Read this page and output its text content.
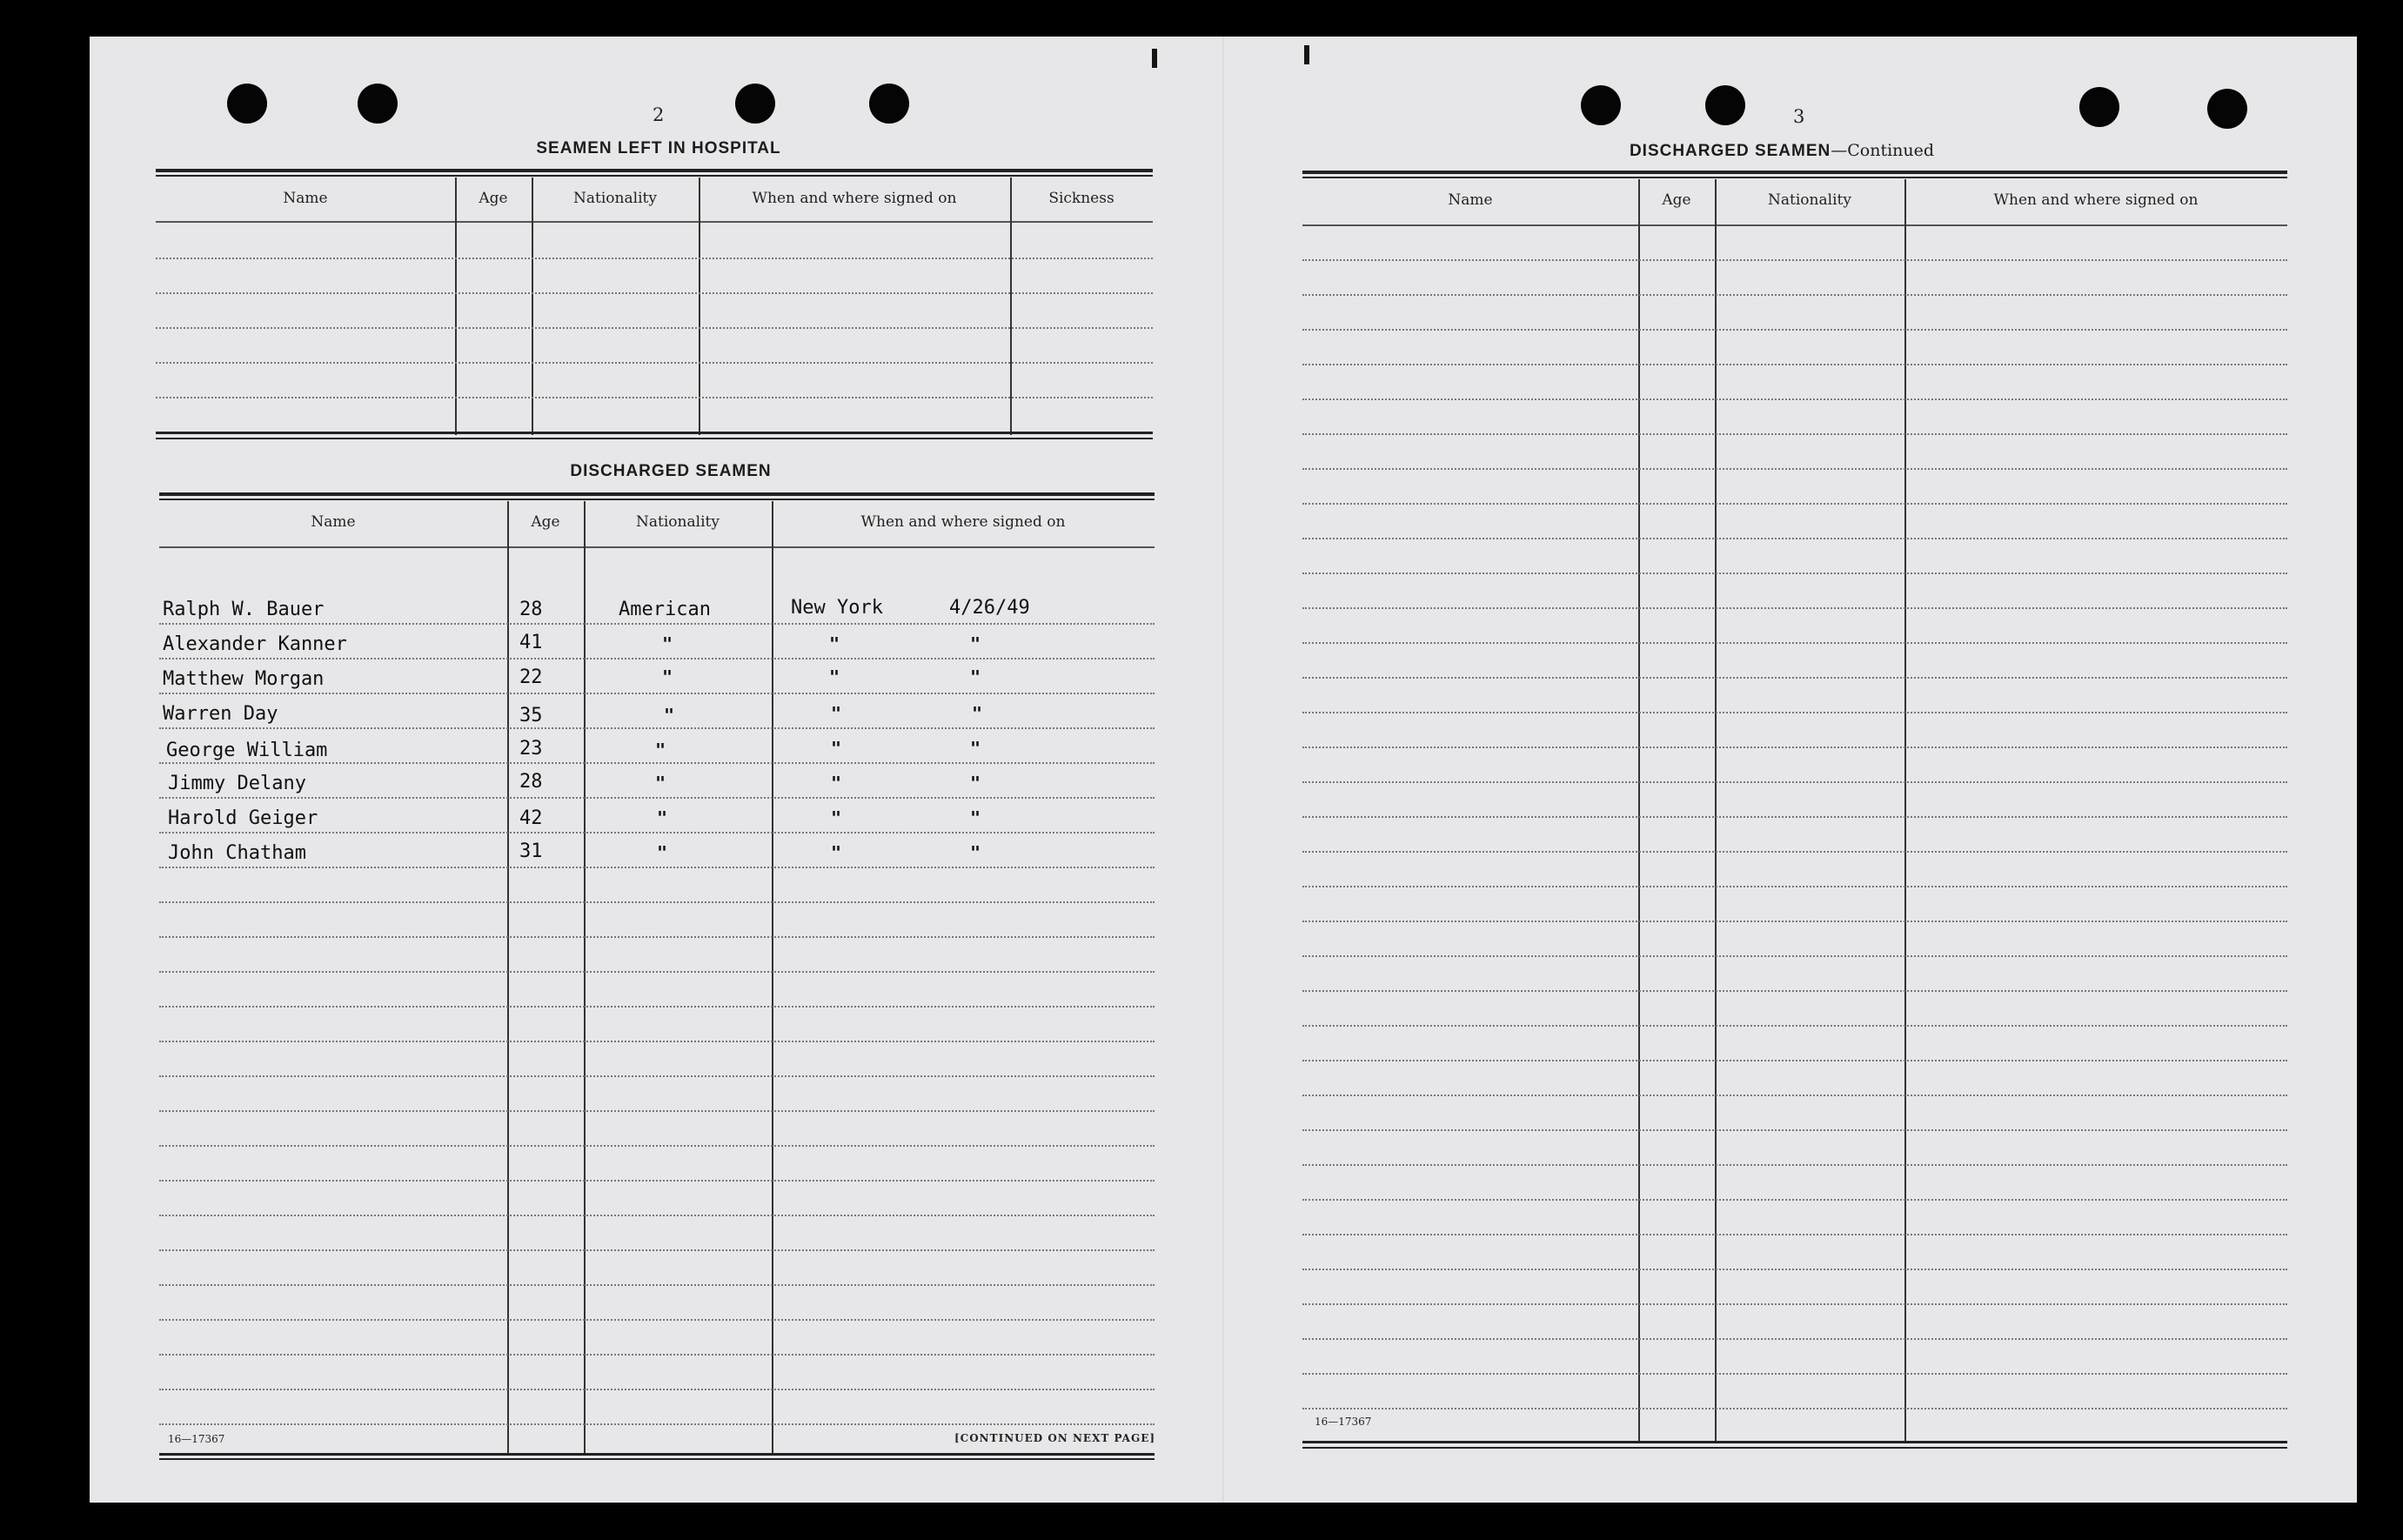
2
SEAMEN LEFT IN HOSPITAL
Name	Age	Nationality	When and where signed on	Sickness
DISCHARGED SEAMEN
Name	Age	Nationality	When and where signed on
Ralph W. Bauer	28	American	New York	4/26/49
Alexander Kanner	41	"	"	"
Matthew Morgan	22	"	"	"
Warren Day	35	"	"	"
George William	23	"	"	"
Jimmy Delany	28	"	"	"
Harold Geiger	42	"	"	"
John Chatham	31	"	"	"
16—17367	[CONTINUED ON NEXT PAGE]
3
DISCHARGED SEAMEN—Continued
Name	Age	Nationality	When and where signed on
16—17367
